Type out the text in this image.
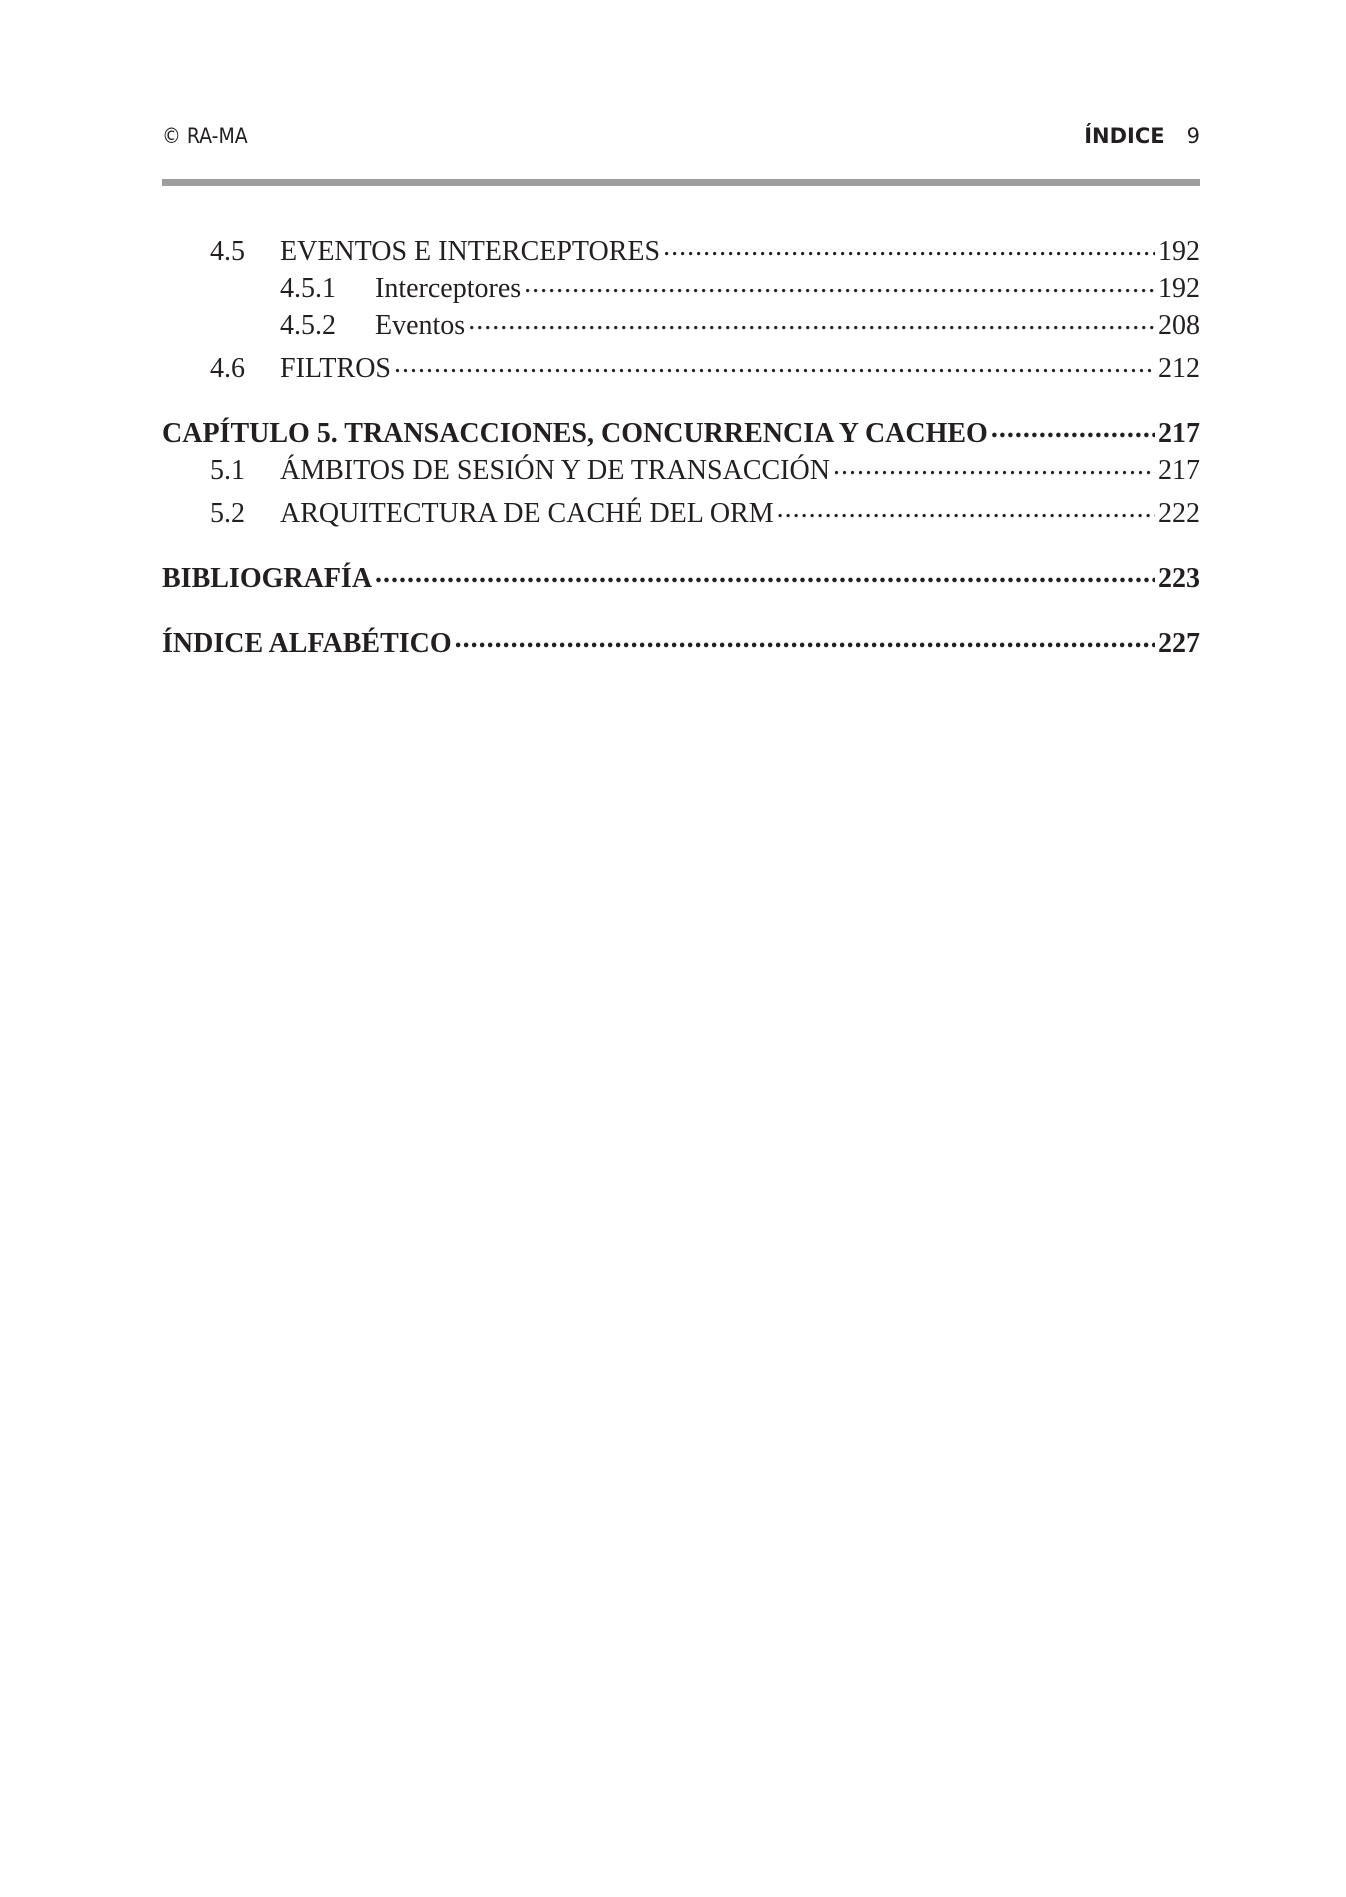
© RA-MA	ÍNDICE 9
4.5	EVENTOS E INTERCEPTORES .....	192
4.5.1	Interceptores .....	192
4.5.2	Eventos .....	208
4.6	FILTROS .....	212
CAPÍTULO 5. TRANSACCIONES, CONCURRENCIA Y CACHEO .....	217
5.1	ÁMBITOS DE SESIÓN Y DE TRANSACCIÓN .....	217
5.2	ARQUITECTURA DE CACHÉ DEL ORM .....	222
BIBLIOGRAFÍA .....	223
ÍNDICE ALFABÉTICO .....	227
